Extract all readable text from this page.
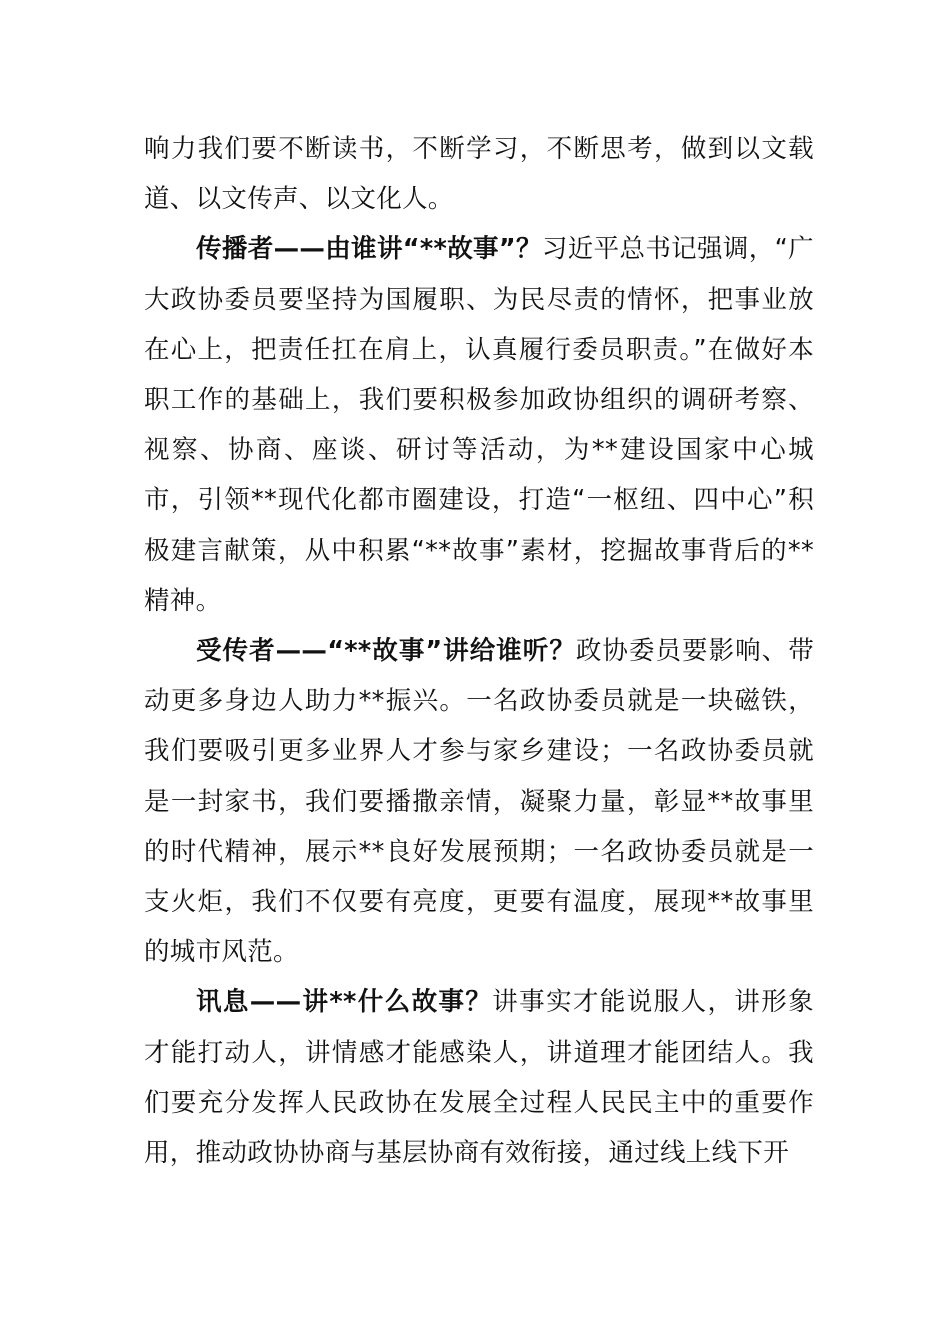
响力我们要不断读书，不断学习，不断思考，做到以文载道、以文传声、以文化人。

传播者——由谁讲“**故事”？习近平总书记强调，“广大政协委员要坚持为国履职、为民尽责的情怀，把事业放在心上，把责任扛在肩上，认真履行委员职责。”在做好本职工作的基础上，我们要积极参加政协组织的调研考察、视察、协商、座谈、研讨等活动，为**建设国家中心城市，引领**现代化都市圈建设，打造“一枢纽、四中心”积极建言献策，从中积累“**故事”素材，挖掘故事背后的**精神。

受传者——“**故事”讲给谁听？政协委员要影响、带动更多身边人助力**振兴。一名政协委员就是一块磁铁，我们要吸引更多业界人才参与家乡建设；一名政协委员就是一封家书，我们要播撒亲情，凝聚力量，彰显**故事里的时代精神，展示**良好发展预期；一名政协委员就是一支火炬，我们不仅要有亮度，更要有温度，展现**故事里的城市风范。

讯息——讲**什么故事？讲事实才能说服人，讲形象才能打动人，讲情感才能感染人，讲道理才能团结人。我们要充分发挥人民政协在发展全过程人民民主中的重要作用，推动政协协商与基层协商有效衔接，通过线上线下开
